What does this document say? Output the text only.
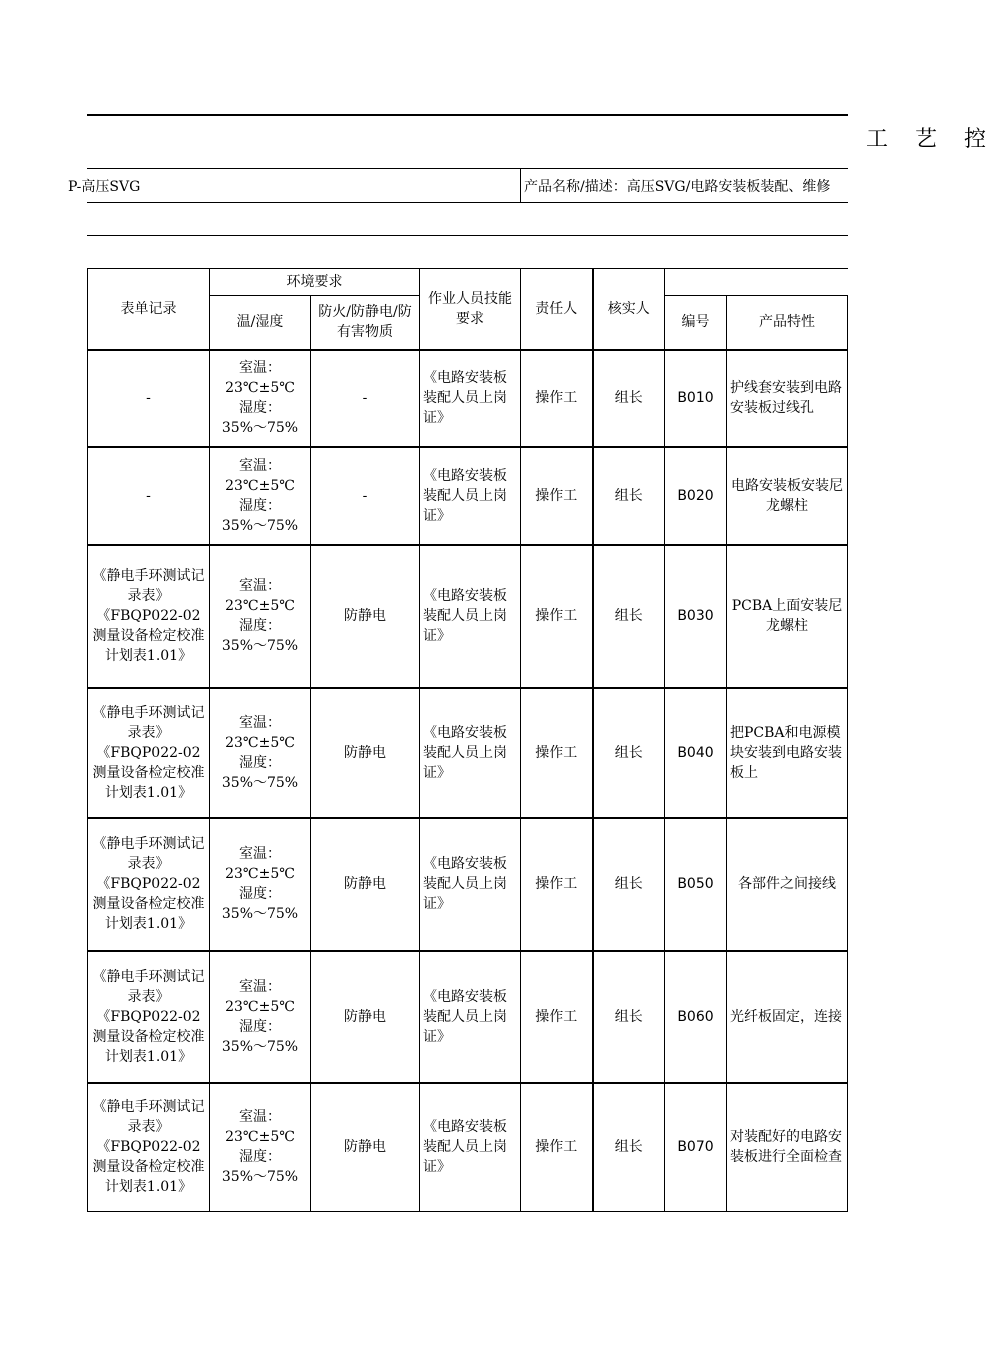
工 艺 控
P-高压SVG	产品名称/描述：高压SVG/电路安装板装配、维修
表单记录	环境要求		作业人员技能要求	责任人	核实人		
	温/湿度	防火/防静电/防有害物质				编号	产品特性
-	室温：
23℃±5℃
湿度：
35%～75%	-	《电路安装板装配人员上岗证》	操作工	组长	B010	护线套安装到电路安装板过线孔
-	室温：
23℃±5℃
湿度：
35%～75%	-	《电路安装板装配人员上岗证》	操作工	组长	B020	电路安装板安装尼龙螺柱
《静电手环测试记录表》《FBQP022-02测量设备检定校准计划表1.01》	室温：
23℃±5℃
湿度：
35%～75%	防静电	《电路安装板装配人员上岗证》	操作工	组长	B030	PCBA上面安装尼龙螺柱
《静电手环测试记录表》《FBQP022-02测量设备检定校准计划表1.01》	室温：
23℃±5℃
湿度：
35%～75%	防静电	《电路安装板装配人员上岗证》	操作工	组长	B040	把PCBA和电源模块安装到电路安装板上
《静电手环测试记录表》《FBQP022-02测量设备检定校准计划表1.01》	室温：
23℃±5℃
湿度：
35%～75%	防静电	《电路安装板装配人员上岗证》	操作工	组长	B050	各部件之间接线
《静电手环测试记录表》《FBQP022-02测量设备检定校准计划表1.01》	室温：
23℃±5℃
湿度：
35%～75%	防静电	《电路安装板装配人员上岗证》	操作工	组长	B060	光纤板固定，连接
《静电手环测试记录表》《FBQP022-02测量设备检定校准计划表1.01》	室温：
23℃±5℃
湿度：
35%～75%	防静电	《电路安装板装配人员上岗证》	操作工	组长	B070	对装配好的电路安装板进行全面检查
